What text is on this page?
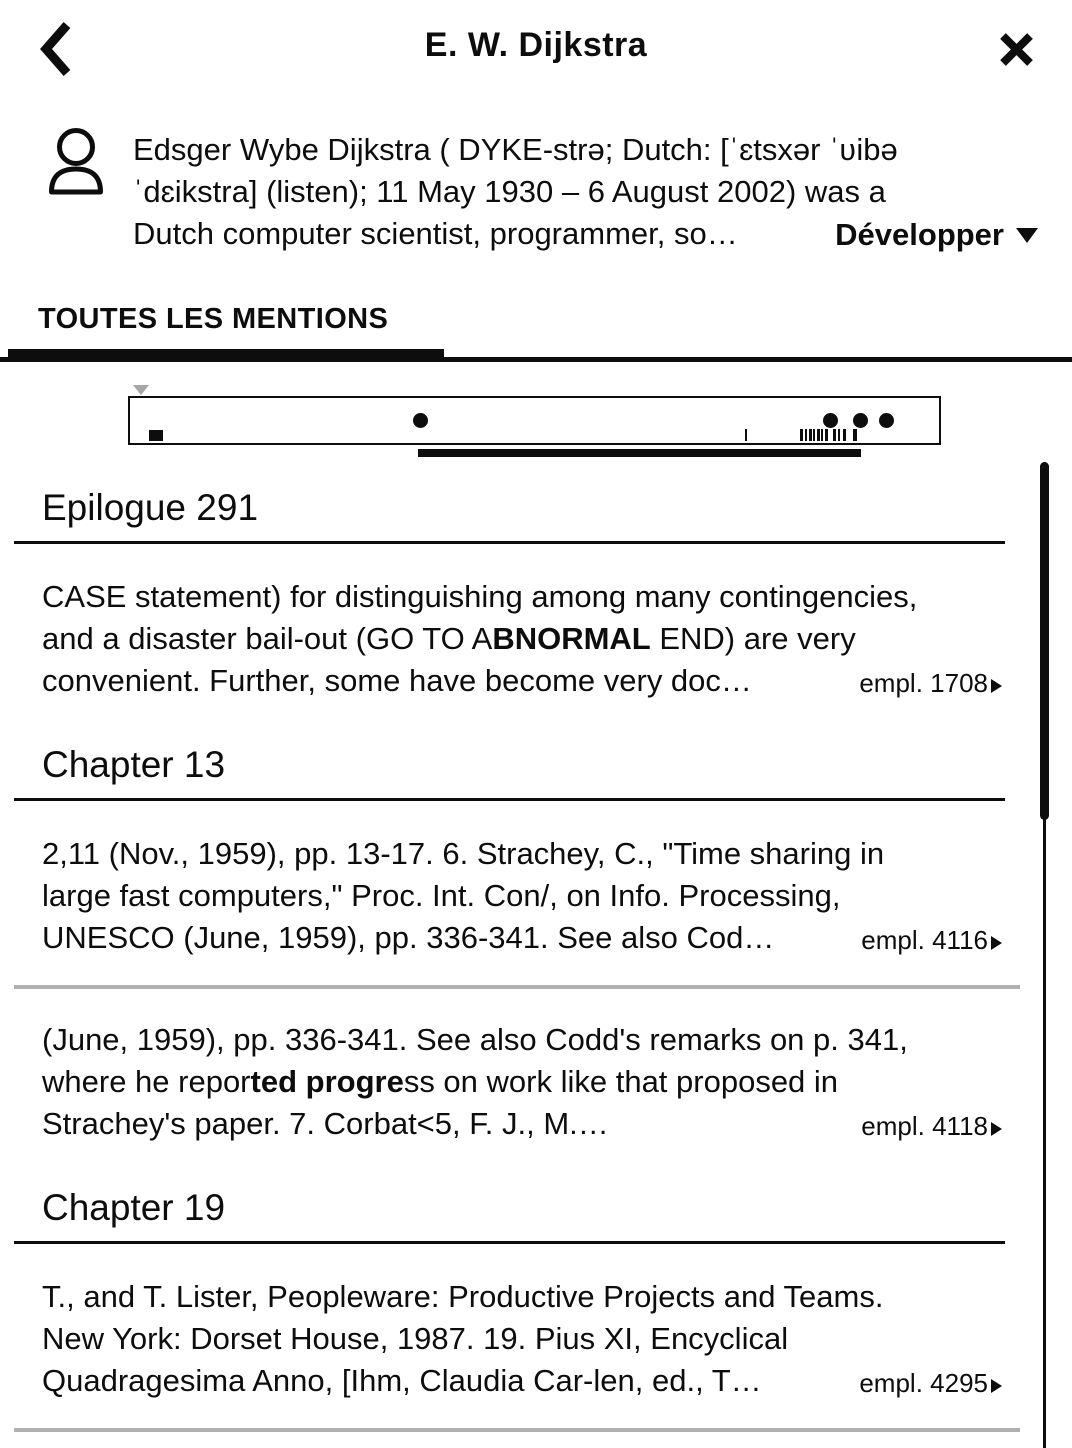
E. W. Dijkstra
Edsger Wybe Dijkstra ( DYKE-strə; Dutch: [ˈɛtsxər ˈʋibə
ˈdɛikstra] (listen); 11 May 1930 – 6 August 2002) was a
Dutch computer scientist, programmer, so…	Développer
TOUTES LES MENTIONS
Epilogue 291
CASE statement) for distinguishing among many contingencies,
and a disaster bail-out (GO TO ABNORMAL END) are very
convenient. Further, some have become very doc…	empl. 1708
Chapter 13
2,11 (Nov., 1959), pp. 13-17. 6. Strachey, C., "Time sharing in
large fast computers," Proc. Int. Con/, on Info. Processing,
UNESCO (June, 1959), pp. 336-341. See also Cod…	empl. 4116
(June, 1959), pp. 336-341. See also Codd's remarks on p. 341,
where he reported progress on work like that proposed in
Strachey's paper. 7. Corbat<5, F. J., M.…	empl. 4118
Chapter 19
T., and T. Lister, Peopleware: Productive Projects and Teams.
New York: Dorset House, 1987. 19. Pius XI, Encyclical
Quadragesima Anno, [Ihm, Claudia Car-len, ed., T…	empl. 4295
